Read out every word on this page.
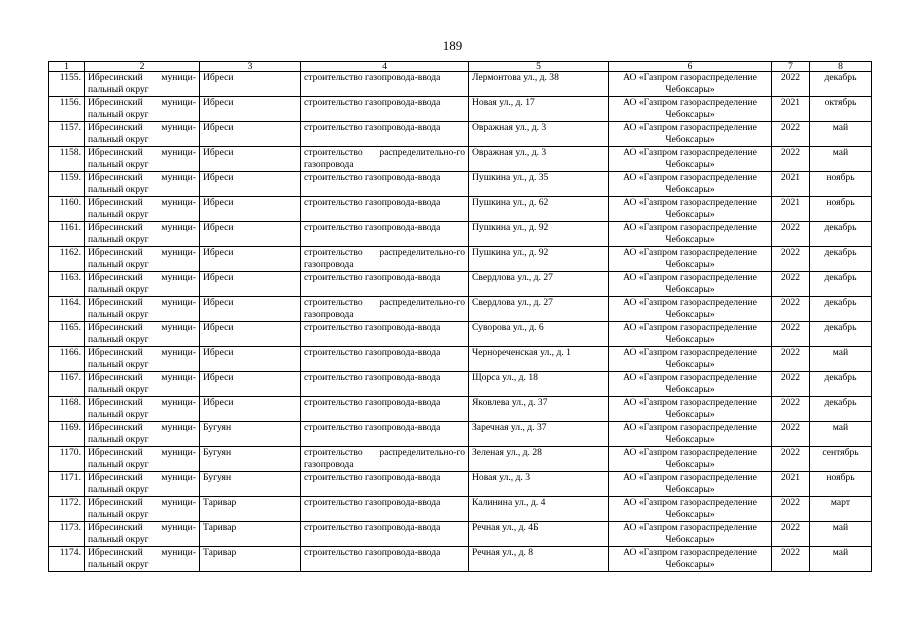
189
1	2	3	4	5	6	7	8
1155.	Ибресинский муници-пальный округ	Ибреси	строительство газопровода-ввода	Лермонтова ул., д. 38	АО «Газпром газораспределение Чебоксары»	2022	декабрь
1156.	Ибресинский муници-пальный округ	Ибреси	строительство газопровода-ввода	Новая ул., д. 17	АО «Газпром газораспределение Чебоксары»	2021	октябрь
1157.	Ибресинский муници-пальный округ	Ибреси	строительство газопровода-ввода	Овражная ул., д. 3	АО «Газпром газораспределение Чебоксары»	2022	май
1158.	Ибресинский муници-пальный округ	Ибреси	строительство распределительно-го газопровода	Овражная ул., д. 3	АО «Газпром газораспределение Чебоксары»	2022	май
1159.	Ибресинский муници-пальный округ	Ибреси	строительство газопровода-ввода	Пушкина ул., д. 35	АО «Газпром газораспределение Чебоксары»	2021	ноябрь
1160.	Ибресинский муници-пальный округ	Ибреси	строительство газопровода-ввода	Пушкина ул., д. 62	АО «Газпром газораспределение Чебоксары»	2021	ноябрь
1161.	Ибресинский муници-пальный округ	Ибреси	строительство газопровода-ввода	Пушкина ул., д. 92	АО «Газпром газораспределение Чебоксары»	2022	декабрь
1162.	Ибресинский муници-пальный округ	Ибреси	строительство распределительно-го газопровода	Пушкина ул., д. 92	АО «Газпром газораспределение Чебоксары»	2022	декабрь
1163.	Ибресинский муници-пальный округ	Ибреси	строительство газопровода-ввода	Свердлова ул., д. 27	АО «Газпром газораспределение Чебоксары»	2022	декабрь
1164.	Ибресинский муници-пальный округ	Ибреси	строительство распределительно-го газопровода	Свердлова ул., д. 27	АО «Газпром газораспределение Чебоксары»	2022	декабрь
1165.	Ибресинский муници-пальный округ	Ибреси	строительство газопровода-ввода	Суворова ул., д. 6	АО «Газпром газораспределение Чебоксары»	2022	декабрь
1166.	Ибресинский муници-пальный округ	Ибреси	строительство газопровода-ввода	Чернореченская ул., д. 1	АО «Газпром газораспределение Чебоксары»	2022	май
1167.	Ибресинский муници-пальный округ	Ибреси	строительство газопровода-ввода	Щорса ул., д. 18	АО «Газпром газораспределение Чебоксары»	2022	декабрь
1168.	Ибресинский муници-пальный округ	Ибреси	строительство газопровода-ввода	Яковлева ул., д. 37	АО «Газпром газораспределение Чебоксары»	2022	декабрь
1169.	Ибресинский муници-пальный округ	Бугуян	строительство газопровода-ввода	Заречная ул., д. 37	АО «Газпром газораспределение Чебоксары»	2022	май
1170.	Ибресинский муници-пальный округ	Бугуян	строительство распределительно-го газопровода	Зеленая ул., д. 28	АО «Газпром газораспределение Чебоксары»	2022	сентябрь
1171.	Ибресинский муници-пальный округ	Бугуян	строительство газопровода-ввода	Новая ул., д. 3	АО «Газпром газораспределение Чебоксары»	2021	ноябрь
1172.	Ибресинский муници-пальный округ	Таривар	строительство газопровода-ввода	Калинина ул., д. 4	АО «Газпром газораспределение Чебоксары»	2022	март
1173.	Ибресинский муници-пальный округ	Таривар	строительство газопровода-ввода	Речная ул., д. 4Б	АО «Газпром газораспределение Чебоксары»	2022	май
1174.	Ибресинский муници-пальный округ	Таривар	строительство газопровода-ввода	Речная ул., д. 8	АО «Газпром газораспределение Чебоксары»	2022	май
